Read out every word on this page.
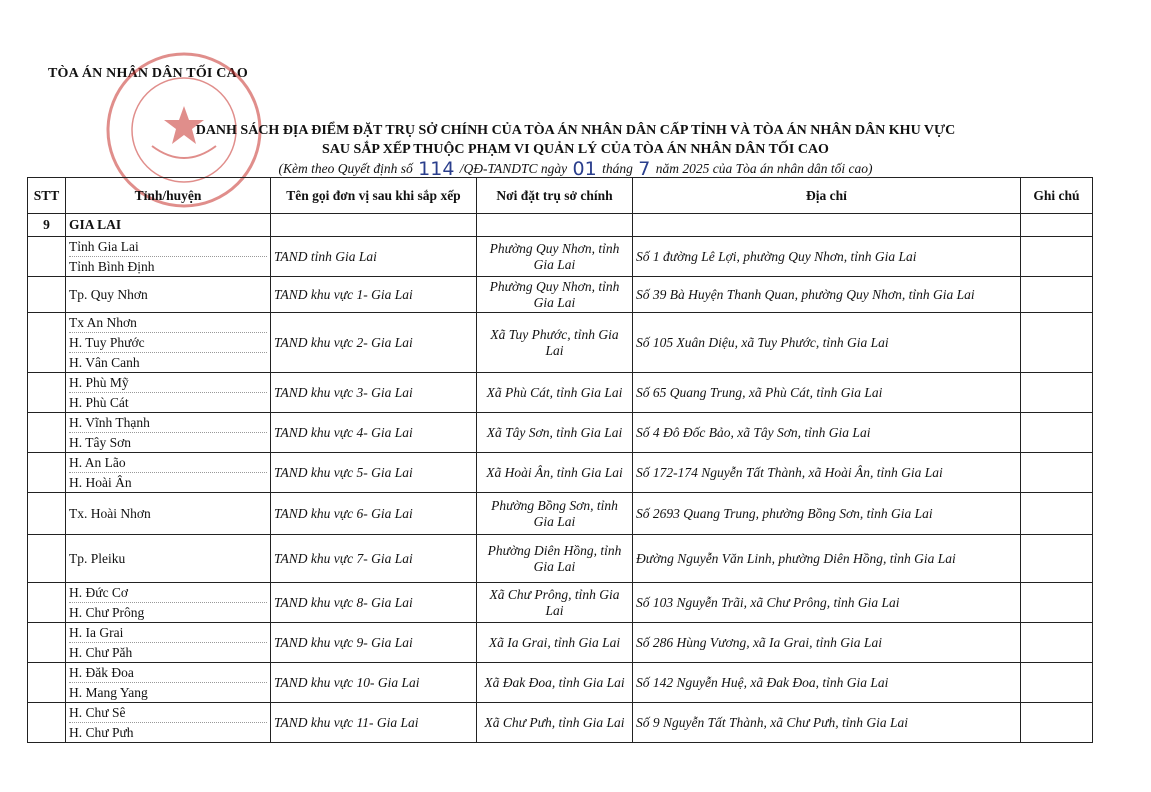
TÒA ÁN NHÂN DÂN TỐI CAO
DANH SÁCH ĐỊA ĐIỂM ĐẶT TRỤ SỞ CHÍNH CỦA TÒA ÁN NHÂN DÂN CẤP TỈNH VÀ TÒA ÁN NHÂN DÂN KHU VỰC
SAU SẮP XẾP THUỘC PHẠM VI QUẢN LÝ CỦA TÒA ÁN NHÂN DÂN TỐI CAO
(Kèm theo Quyết định số 114 /QĐ-TANDTC ngày 01 tháng 7 năm 2025 của Tòa án nhân dân tối cao)
STT	Tỉnh/huyện	Tên gọi đơn vị sau khi sắp xếp	Nơi đặt trụ sở chính	Địa chỉ	Ghi chú
9	GIA LAI				

	Tỉnh Gia Lai
Tỉnh Bình Định	TAND tỉnh Gia Lai	Phường Quy Nhơn, tỉnh Gia Lai	Số 1 đường Lê Lợi, phường Quy Nhơn, tỉnh Gia Lai	

	Tp. Quy Nhơn	TAND khu vực 1- Gia Lai	Phường Quy Nhơn, tỉnh Gia Lai	Số 39 Bà Huyện Thanh Quan, phường Quy Nhơn, tỉnh Gia Lai	

	Tx An Nhơn
H. Tuy Phước
H. Vân Canh	TAND khu vực 2- Gia Lai	Xã Tuy Phước, tỉnh Gia Lai	Số 105 Xuân Diệu, xã Tuy Phước, tỉnh Gia Lai	

	H. Phù Mỹ
H. Phù Cát	TAND khu vực 3- Gia Lai	Xã Phù Cát, tỉnh Gia Lai	Số 65 Quang Trung, xã Phù Cát, tỉnh Gia Lai	

	H. Vĩnh Thạnh
H. Tây Sơn	TAND khu vực 4- Gia Lai	Xã Tây Sơn, tỉnh Gia Lai	Số 4 Đô Đốc Bảo, xã Tây Sơn, tỉnh Gia Lai	

	H. An Lão
H. Hoài Ân	TAND khu vực 5- Gia Lai	Xã Hoài Ân, tỉnh Gia Lai	Số 172-174 Nguyễn Tất Thành, xã Hoài Ân, tỉnh Gia Lai	

	Tx. Hoài Nhơn	TAND khu vực 6- Gia Lai	Phường Bồng Sơn, tỉnh Gia Lai	Số 2693 Quang Trung, phường Bồng Sơn, tỉnh Gia Lai	

	Tp. Pleiku	TAND khu vực 7- Gia Lai	Phường Diên Hồng, tỉnh Gia Lai	Đường Nguyễn Văn Linh, phường Diên Hồng, tỉnh Gia Lai	

	H. Đức Cơ
H. Chư Prông	TAND khu vực 8- Gia Lai	Xã Chư Prông, tỉnh Gia Lai	Số 103 Nguyễn Trãi, xã Chư Prông, tỉnh Gia Lai	

	H. Ia Grai
H. Chư Păh	TAND khu vực 9- Gia Lai	Xã Ia Grai, tỉnh Gia Lai	Số 286 Hùng Vương, xã Ia Grai, tỉnh Gia Lai	

	H. Đăk Đoa
H. Mang Yang	TAND khu vực 10- Gia Lai	Xã Đak Đoa, tỉnh Gia Lai	Số 142 Nguyễn Huệ, xã Đak Đoa, tỉnh Gia Lai	

	H. Chư Sê
H. Chư Pưh	TAND khu vực 11- Gia Lai	Xã Chư Pưh, tỉnh Gia Lai	Số 9 Nguyễn Tất Thành, xã Chư Pưh, tỉnh Gia Lai	
